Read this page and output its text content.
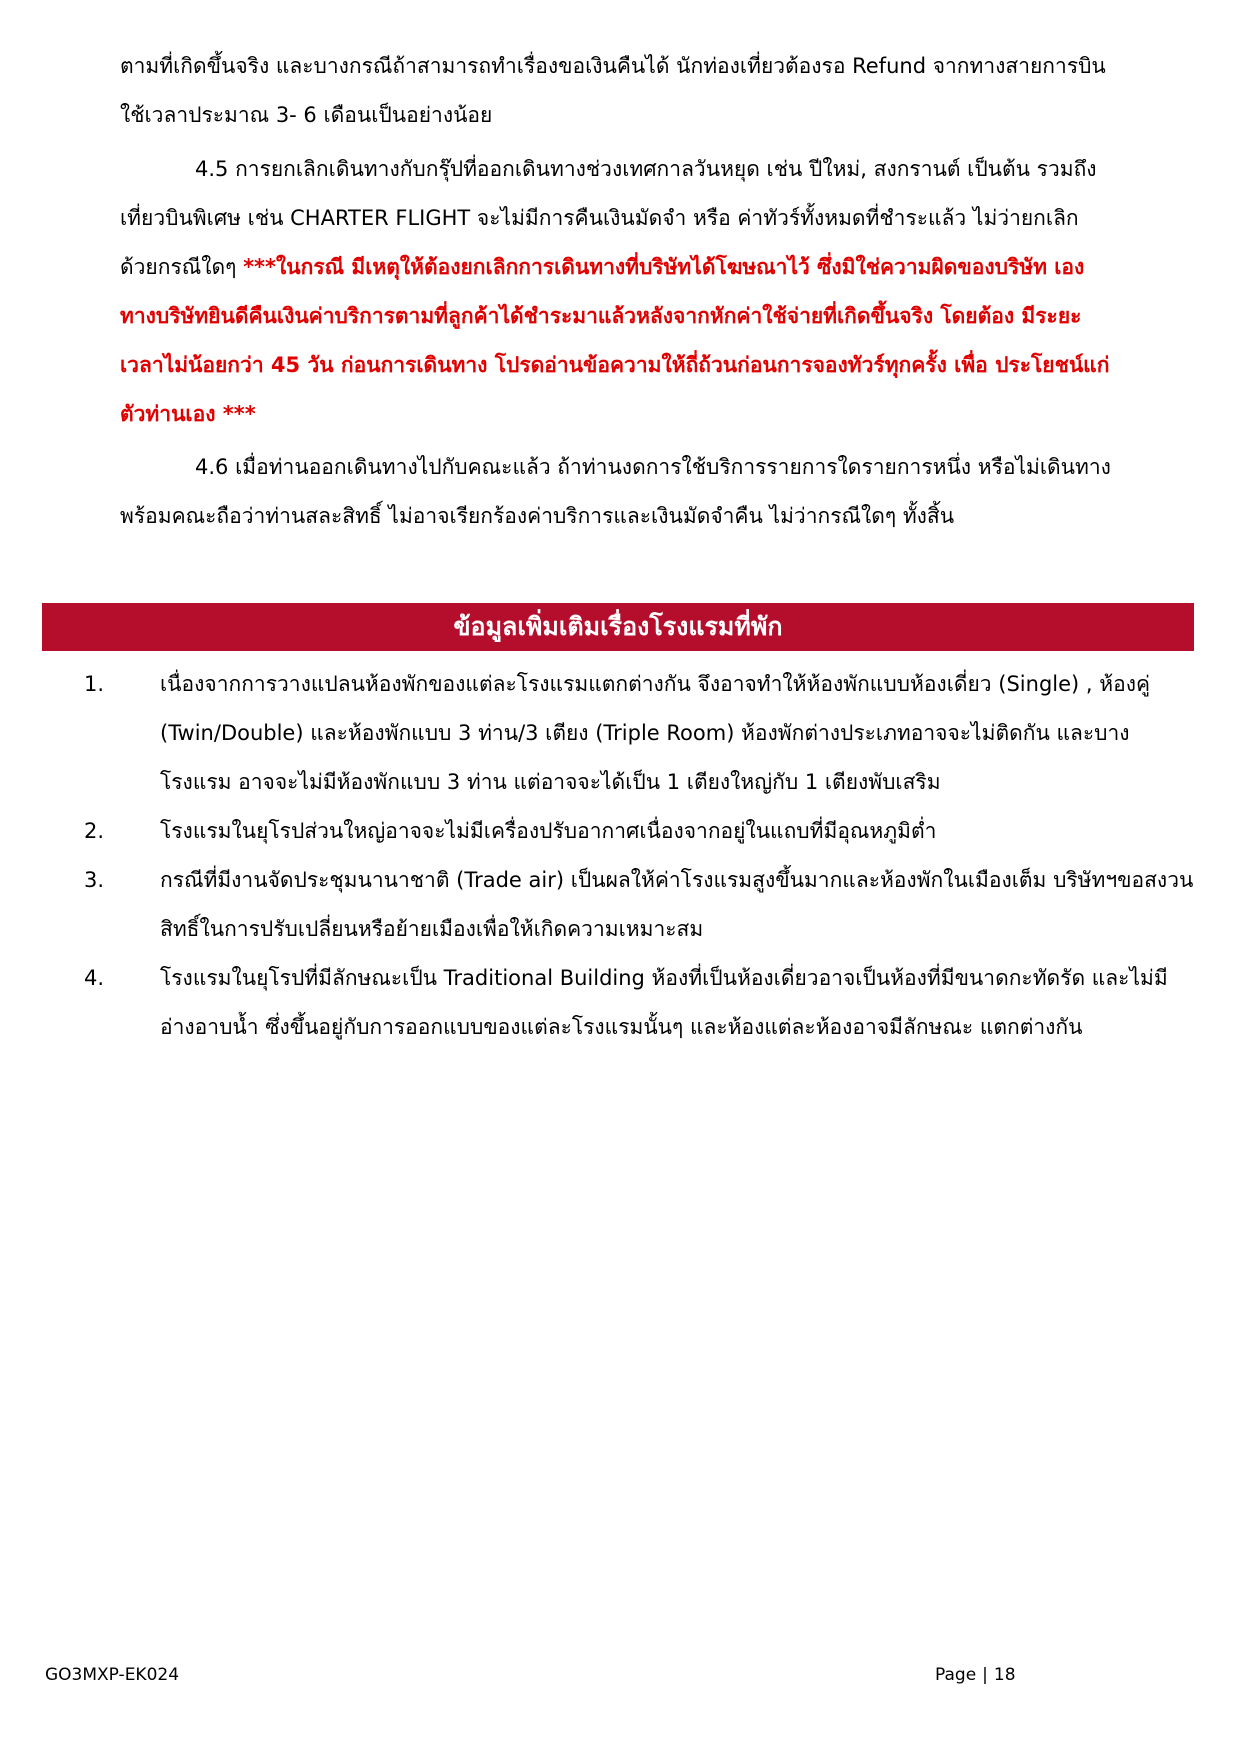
ตามที่เกิดขึ้นจริง และบางกรณีถ้าสามารถทำเรื่องขอเงินคืนได้ นักท่องเที่ยวต้องรอ Refund จากทางสายการบิน ใช้เวลาประมาณ 3- 6 เดือนเป็นอย่างน้อย
4.5 การยกเลิกเดินทางกับกรุ๊ปที่ออกเดินทางช่วงเทศกาลวันหยุด เช่น ปีใหม่, สงกรานต์ เป็นต้น รวมถึง เที่ยวบินพิเศษ เช่น CHARTER FLIGHT จะไม่มีการคืนเงินมัดจำ หรือ ค่าทัวร์ทั้งหมดที่ชำระแล้ว ไม่ว่ายกเลิก ด้วยกรณีใดๆ ***ในกรณี มีเหตุให้ต้องยกเลิกการเดินทางที่บริษัทได้โฆษณาไว้ ซึ่งมิใช่ความผิดของบริษัท เอง ทางบริษัทยินดีคืนเงินค่าบริการตามที่ลูกค้าได้ชำระมาแล้วหลังจากหักค่าใช้จ่ายที่เกิดขึ้นจริง โดยต้อง มีระยะเวลาไม่น้อยกว่า 45 วัน ก่อนการเดินทาง โปรดอ่านข้อความให้ถี่ถ้วนก่อนการจองทัวร์ทุกครั้ง เพื่อ ประโยชน์แก่ตัวท่านเอง ***
4.6 เมื่อท่านออกเดินทางไปกับคณะแล้ว ถ้าท่านงดการใช้บริการรายการใดรายการหนึ่ง หรือไม่เดินทาง พร้อมคณะถือว่าท่านสละสิทธิ์ ไม่อาจเรียกร้องค่าบริการและเงินมัดจำคืน ไม่ว่ากรณีใดๆ ทั้งสิ้น
ข้อมูลเพิ่มเติมเรื่องโรงแรมที่พัก
1.	เนื่องจากการวางแปลนห้องพักของแต่ละโรงแรมแตกต่างกัน จึงอาจทำให้ห้องพักแบบห้องเดี่ยว (Single) , ห้องคู่ (Twin/Double) และห้องพักแบบ 3 ท่าน/3 เตียง (Triple Room) ห้องพักต่างประเภทอาจจะไม่ติดกัน และบางโรงแรม อาจจะไม่มีห้องพักแบบ 3 ท่าน แต่อาจจะได้เป็น 1 เตียงใหญ่กับ 1 เตียงพับเสริม
2.	โรงแรมในยุโรปส่วนใหญ่อาจจะไม่มีเครื่องปรับอากาศเนื่องจากอยู่ในแถบที่มีอุณหภูมิต่ำ
3.	กรณีที่มีงานจัดประชุมนานาชาติ (Trade air) เป็นผลให้ค่าโรงแรมสูงขึ้นมากและห้องพักในเมืองเต็ม บริษัทฯขอสงวนสิทธิ์ในการปรับเปลี่ยนหรือย้ายเมืองเพื่อให้เกิดความเหมาะสม
4.	โรงแรมในยุโรปที่มีลักษณะเป็น Traditional Building ห้องที่เป็นห้องเดี่ยวอาจเป็นห้องที่มีขนาดกะทัดรัด และไม่มีอ่างอาบน้ำ ซึ่งขึ้นอยู่กับการออกแบบของแต่ละโรงแรมนั้นๆ และห้องแต่ละห้องอาจมีลักษณะ แตกต่างกัน
GO3MXP-EK024	Page | 18
